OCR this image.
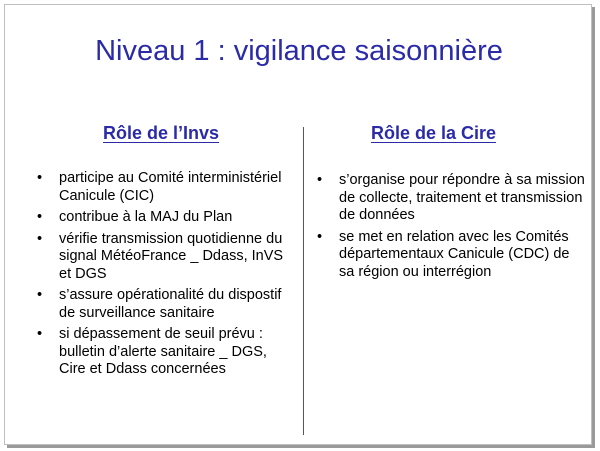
Niveau 1 : vigilance saisonnière
Rôle de l’Invs	Rôle de la Cire
• participe au Comité interministériel Canicule (CIC)
• contribue à la MAJ du Plan
• vérifie transmission quotidienne du signal MétéoFrance _ Ddass, InVS et DGS
• s’assure opérationalité du dispostif de surveillance sanitaire
• si dépassement de seuil prévu : bulletin d’alerte sanitaire _ DGS, Cire et Ddass concernées
• s’organise pour répondre à sa mission de collecte, traitement et transmission de données
• se met en relation avec les Comités départementaux Canicule (CDC) de sa région ou interrégion
